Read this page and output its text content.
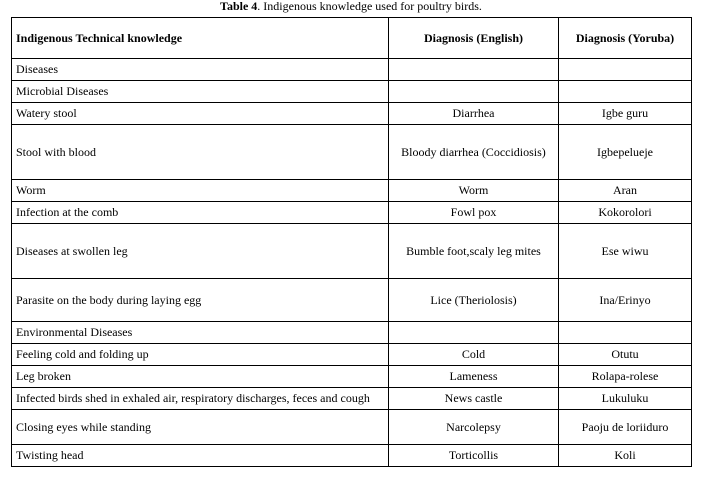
Table 4. Indigenous knowledge used for poultry birds.
Indigenous Technical knowledge	Diagnosis (English)	Diagnosis (Yoruba)
Diseases		
Microbial Diseases		
Watery stool	Diarrhea	Igbe guru
Stool with blood	Bloody diarrhea (Coccidiosis)	Igbepelueje
Worm	Worm	Aran
Infection at the comb	Fowl pox	Kokorolori
Diseases at swollen leg	Bumble foot,scaly leg mites	Ese wiwu
Parasite on the body during laying egg	Lice (Theriolosis)	Ina/Erinyo
Environmental Diseases		
Feeling cold and folding up	Cold	Otutu
Leg broken	Lameness	Rolapa-rolese
Infected birds shed in exhaled air, respiratory discharges, feces and cough	News castle	Lukuluku
Closing eyes while standing	Narcolepsy	Paoju de loriiduro
Twisting head	Torticollis	Koli
